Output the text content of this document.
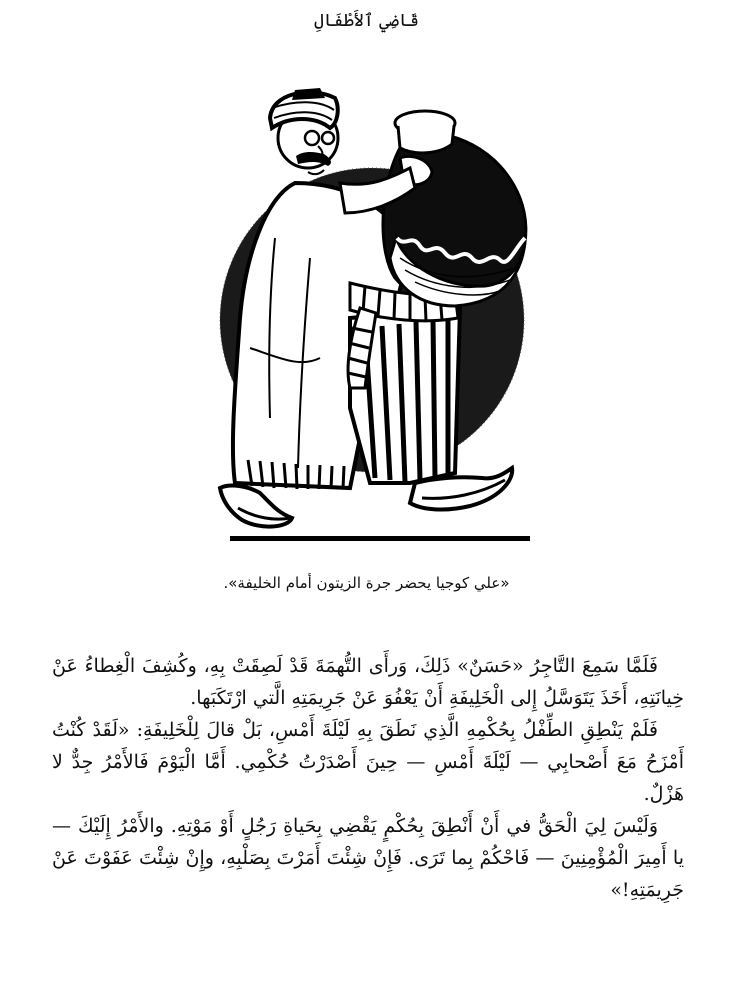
قَاضِي ٱلأَطْفَالِ
«علي كوجيا يحضر جرة الزيتون أمام الخليفة».

فَلَمَّا سَمِعَ التَّاجِرُ «حَسَنٌ» ذَلِكَ، وَرأَى التُّهمَةَ قَدْ لَصِقَتْ بِهِ، وكُشِفَ الْغِطاءُ عَنْ خِيانَتِهِ، أَخَذَ يَتَوَسَّلُ إِلى الْخَلِيفَةِ أَنْ يَعْفُوَ عَنْ جَرِيمَتِهِ الَّتي ارْتَكَبَها.

فَلَمْ يَنْطِقِ الطِّفْلُ بِحُكْمِهِ الَّذِي نَطَقَ بِهِ لَيْلَةَ أَمْسِ، بَلْ قالَ لِلْخَلِيفَةِ: «لَقَدْ كُنْتُ أَمْزَحُ مَعَ أَصْحابِي — لَيْلَةَ أَمْسِ — حِينَ أَصْدَرْتُ حُكْمِي. أَمَّا الْيَوْمَ فَالأَمْرُ جِدٌّ لا هَزْلٌ.

وَلَيْسَ لِيَ الْحَقُّ في أَنْ أَنْطِقَ بِحُكْمٍ يَقْضِي بِحَياةِ رَجُلٍ أَوْ مَوْتِهِ. والأَمْرُ إِلَيْكَ — يا أَمِيرَ الْمُؤْمِنِينَ — فَاحْكُمْ بِما تَرَى. فَإِنْ شِئْتَ أَمَرْتَ بِصَلْبِهِ، وإِنْ شِئْتَ عَفَوْتَ عَنْ جَرِيمَتِهِ!»
